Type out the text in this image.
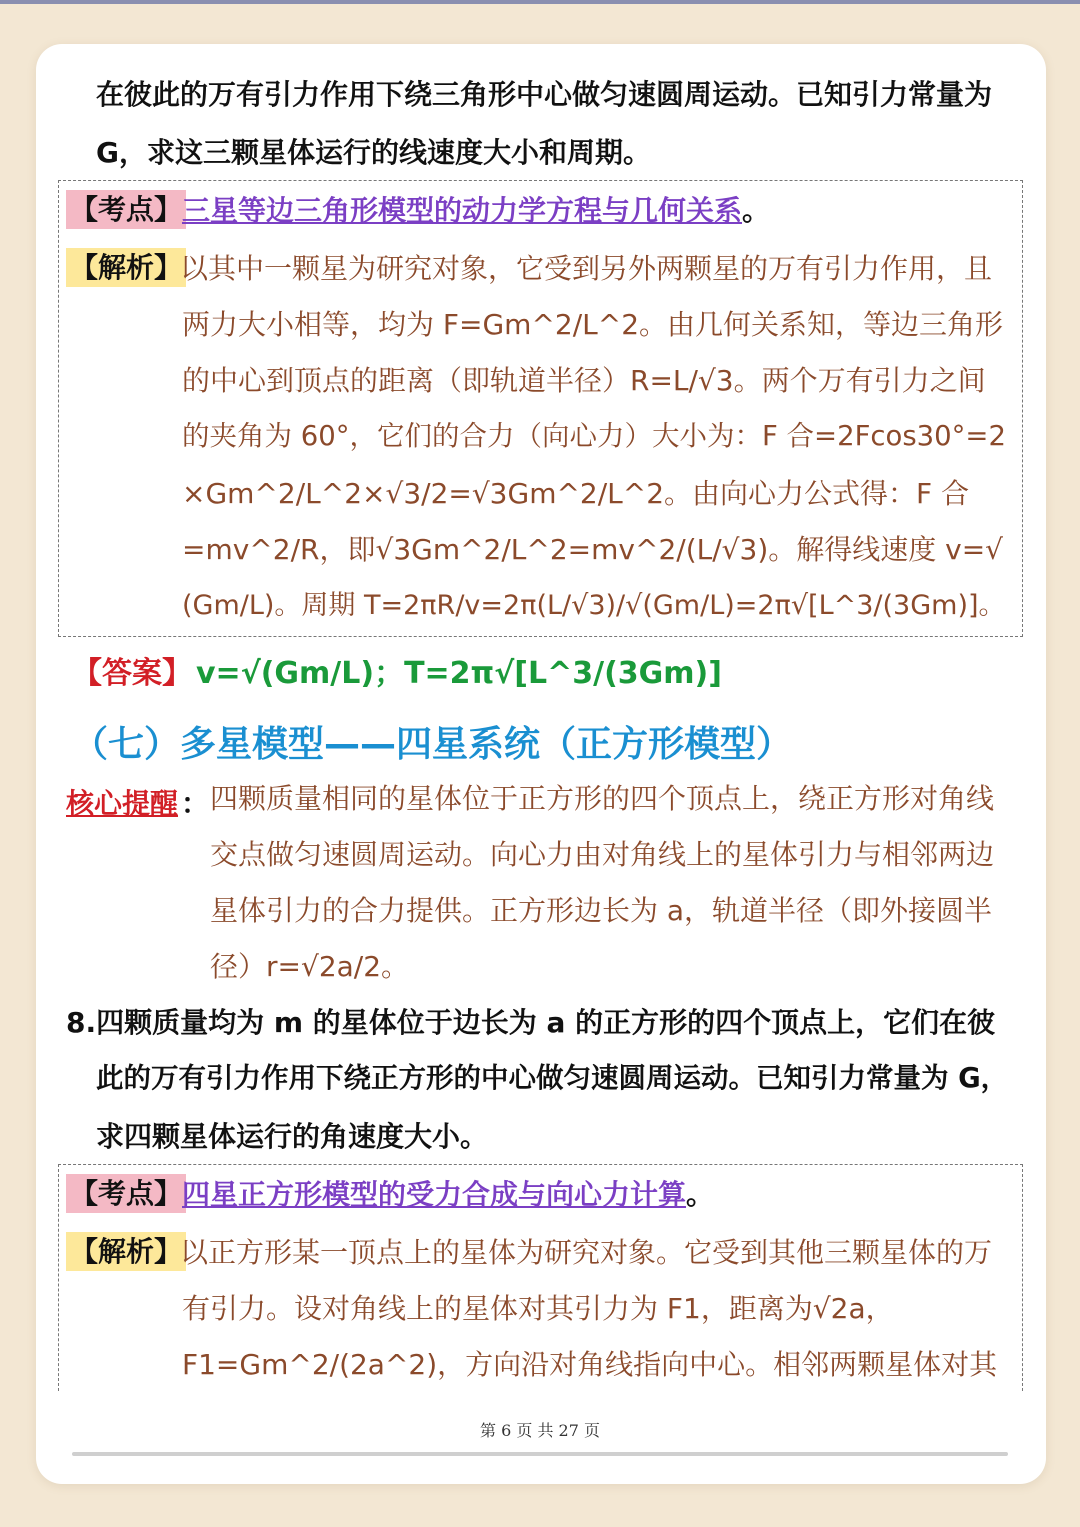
在彼此的万有引力作用下绕三角形中心做匀速圆周运动。已知引力常量为
G，求这三颗星体运行的线速度大小和周期。
【考点】 三星等边三角形模型的动力学方程与几何关系。
【解析】
以其中一颗星为研究对象，它受到另外两颗星的万有引力作用，且
两力大小相等，均为 F=Gm^2/L^2。由几何关系知，等边三角形
的中心到顶点的距离（即轨道半径）R=L/√3。两个万有引力之间
的夹角为 60°，它们的合力（向心力）大小为：F 合=2Fcos30°=2
×Gm^2/L^2×√3/2=√3Gm^2/L^2。由向心力公式得：F 合
=mv^2/R，即√3Gm^2/L^2=mv^2/(L/√3)。解得线速度 v=√
(Gm/L)。周期 T=2πR/v=2π(L/√3)/√(Gm/L)=2π√[L^3/(3Gm)]。
【答案】 v=√(Gm/L)；T=2π√[L^3/(3Gm)]
（七）多星模型——四星系统（正方形模型）
核心提醒 ： 四颗质量相同的星体位于正方形的四个顶点上，绕正方形对角线
交点做匀速圆周运动。向心力由对角线上的星体引力与相邻两边
星体引力的合力提供。正方形边长为 a，轨道半径（即外接圆半
径）r=√2a/2。
8.四颗质量均为 m 的星体位于边长为 a 的正方形的四个顶点上，它们在彼
此的万有引力作用下绕正方形的中心做匀速圆周运动。已知引力常量为 G，
求四颗星体运行的角速度大小。
【考点】 四星正方形模型的受力合成与向心力计算。
【解析】
以正方形某一顶点上的星体为研究对象。它受到其他三颗星体的万
有引力。设对角线上的星体对其引力为 F1，距离为√2a，
F1=Gm^2/(2a^2)，方向沿对角线指向中心。相邻两颗星体对其
第 6 页 共 27 页
